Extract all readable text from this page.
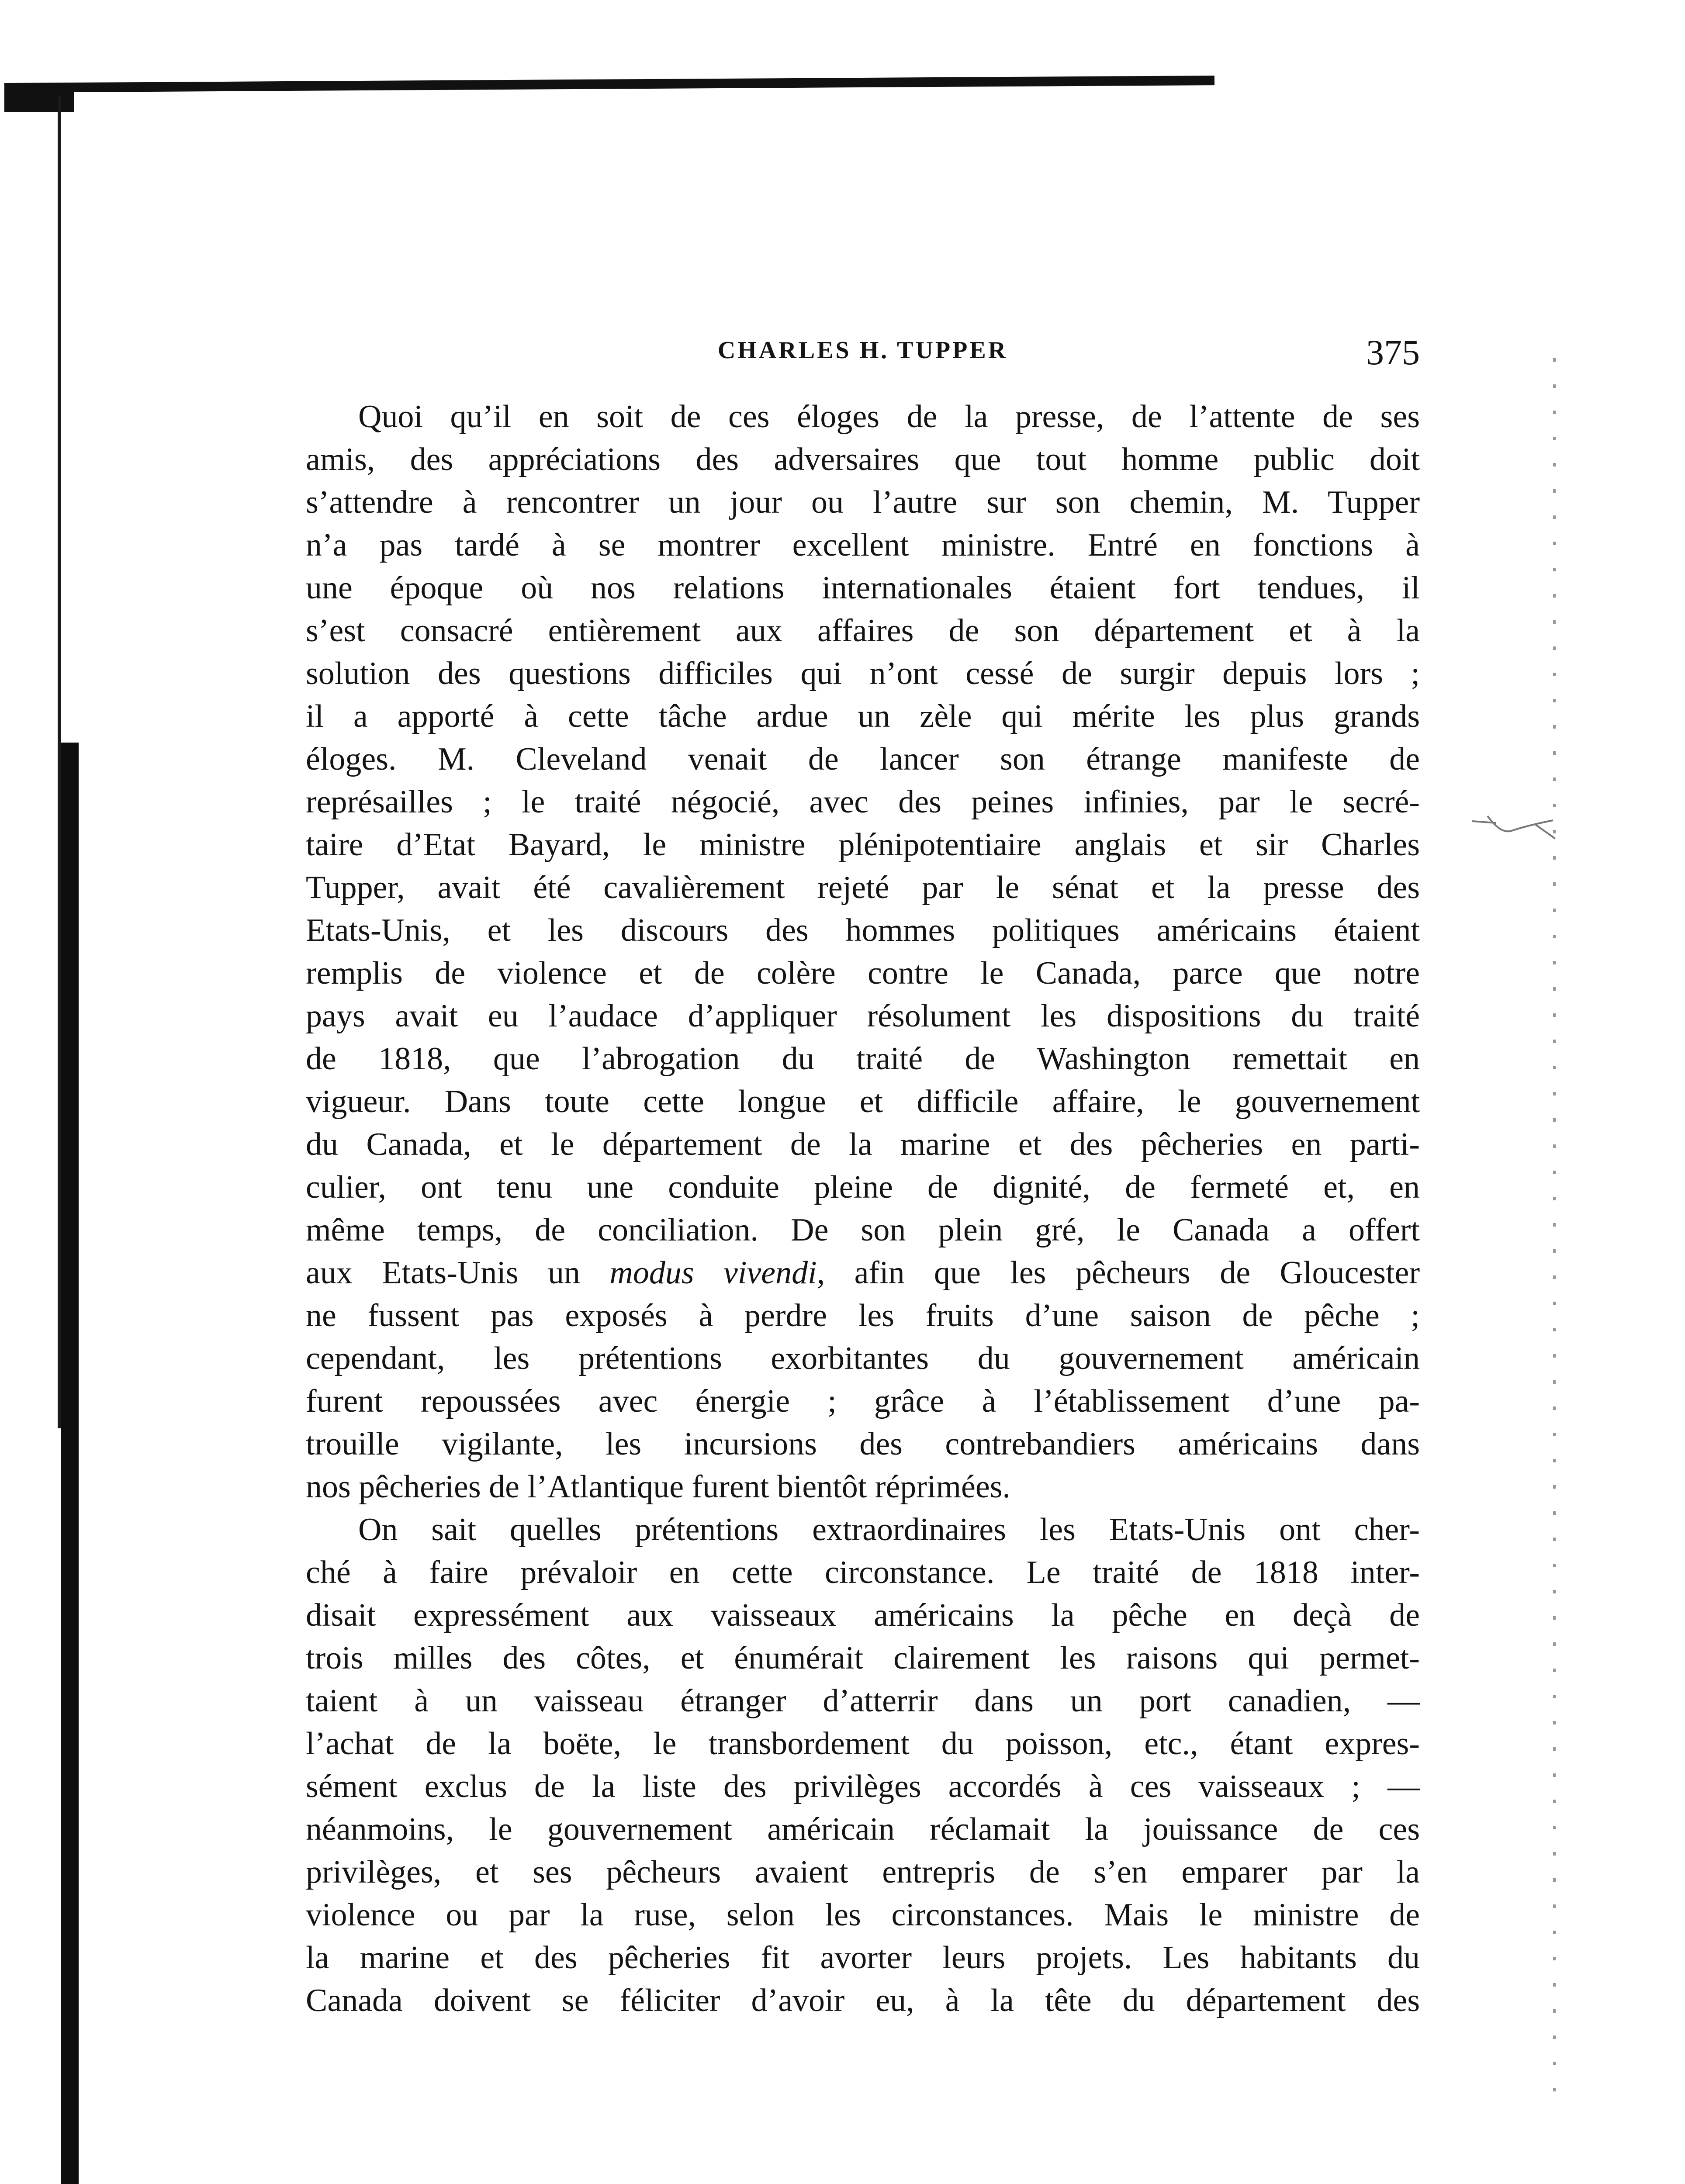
CHARLES H. TUPPER	375
Quoi qu’il en soit de ces éloges de la presse, de l’attente de ses
amis, des appréciations des adversaires que tout homme public doit
s’attendre à rencontrer un jour ou l’autre sur son chemin, M. Tupper
n’a pas tardé à se montrer excellent ministre. Entré en fonctions à
une époque où nos relations internationales étaient fort tendues, il
s’est consacré entièrement aux affaires de son département et à la
solution des questions difficiles qui n’ont cessé de surgir depuis lors ;
il a apporté à cette tâche ardue un zèle qui mérite les plus grands
éloges. M. Cleveland venait de lancer son étrange manifeste de
représailles ; le traité négocié, avec des peines infinies, par le secré-
taire d’Etat Bayard, le ministre plénipotentiaire anglais et sir Charles
Tupper, avait été cavalièrement rejeté par le sénat et la presse des
Etats-Unis, et les discours des hommes politiques américains étaient
remplis de violence et de colère contre le Canada, parce que notre
pays avait eu l’audace d’appliquer résolument les dispositions du traité
de 1818, que l’abrogation du traité de Washington remettait en
vigueur. Dans toute cette longue et difficile affaire, le gouvernement
du Canada, et le département de la marine et des pêcheries en parti-
culier, ont tenu une conduite pleine de dignité, de fermeté et, en
même temps, de conciliation. De son plein gré, le Canada a offert
aux Etats-Unis un modus vivendi, afin que les pêcheurs de Gloucester
ne fussent pas exposés à perdre les fruits d’une saison de pêche ;
cependant, les prétentions exorbitantes du gouvernement américain
furent repoussées avec énergie ; grâce à l’établissement d’une pa-
trouille vigilante, les incursions des contrebandiers américains dans
nos pêcheries de l’Atlantique furent bientôt réprimées.
On sait quelles prétentions extraordinaires les Etats-Unis ont cher-
ché à faire prévaloir en cette circonstance. Le traité de 1818 inter-
disait expressément aux vaisseaux américains la pêche en deçà de
trois milles des côtes, et énumérait clairement les raisons qui permet-
taient à un vaisseau étranger d’atterrir dans un port canadien, —
l’achat de la boëte, le transbordement du poisson, etc., étant expres-
sément exclus de la liste des privilèges accordés à ces vaisseaux ; —
néanmoins, le gouvernement américain réclamait la jouissance de ces
privilèges, et ses pêcheurs avaient entrepris de s’en emparer par la
violence ou par la ruse, selon les circonstances. Mais le ministre de
la marine et des pêcheries fit avorter leurs projets. Les habitants du
Canada doivent se féliciter d’avoir eu, à la tête du département des
